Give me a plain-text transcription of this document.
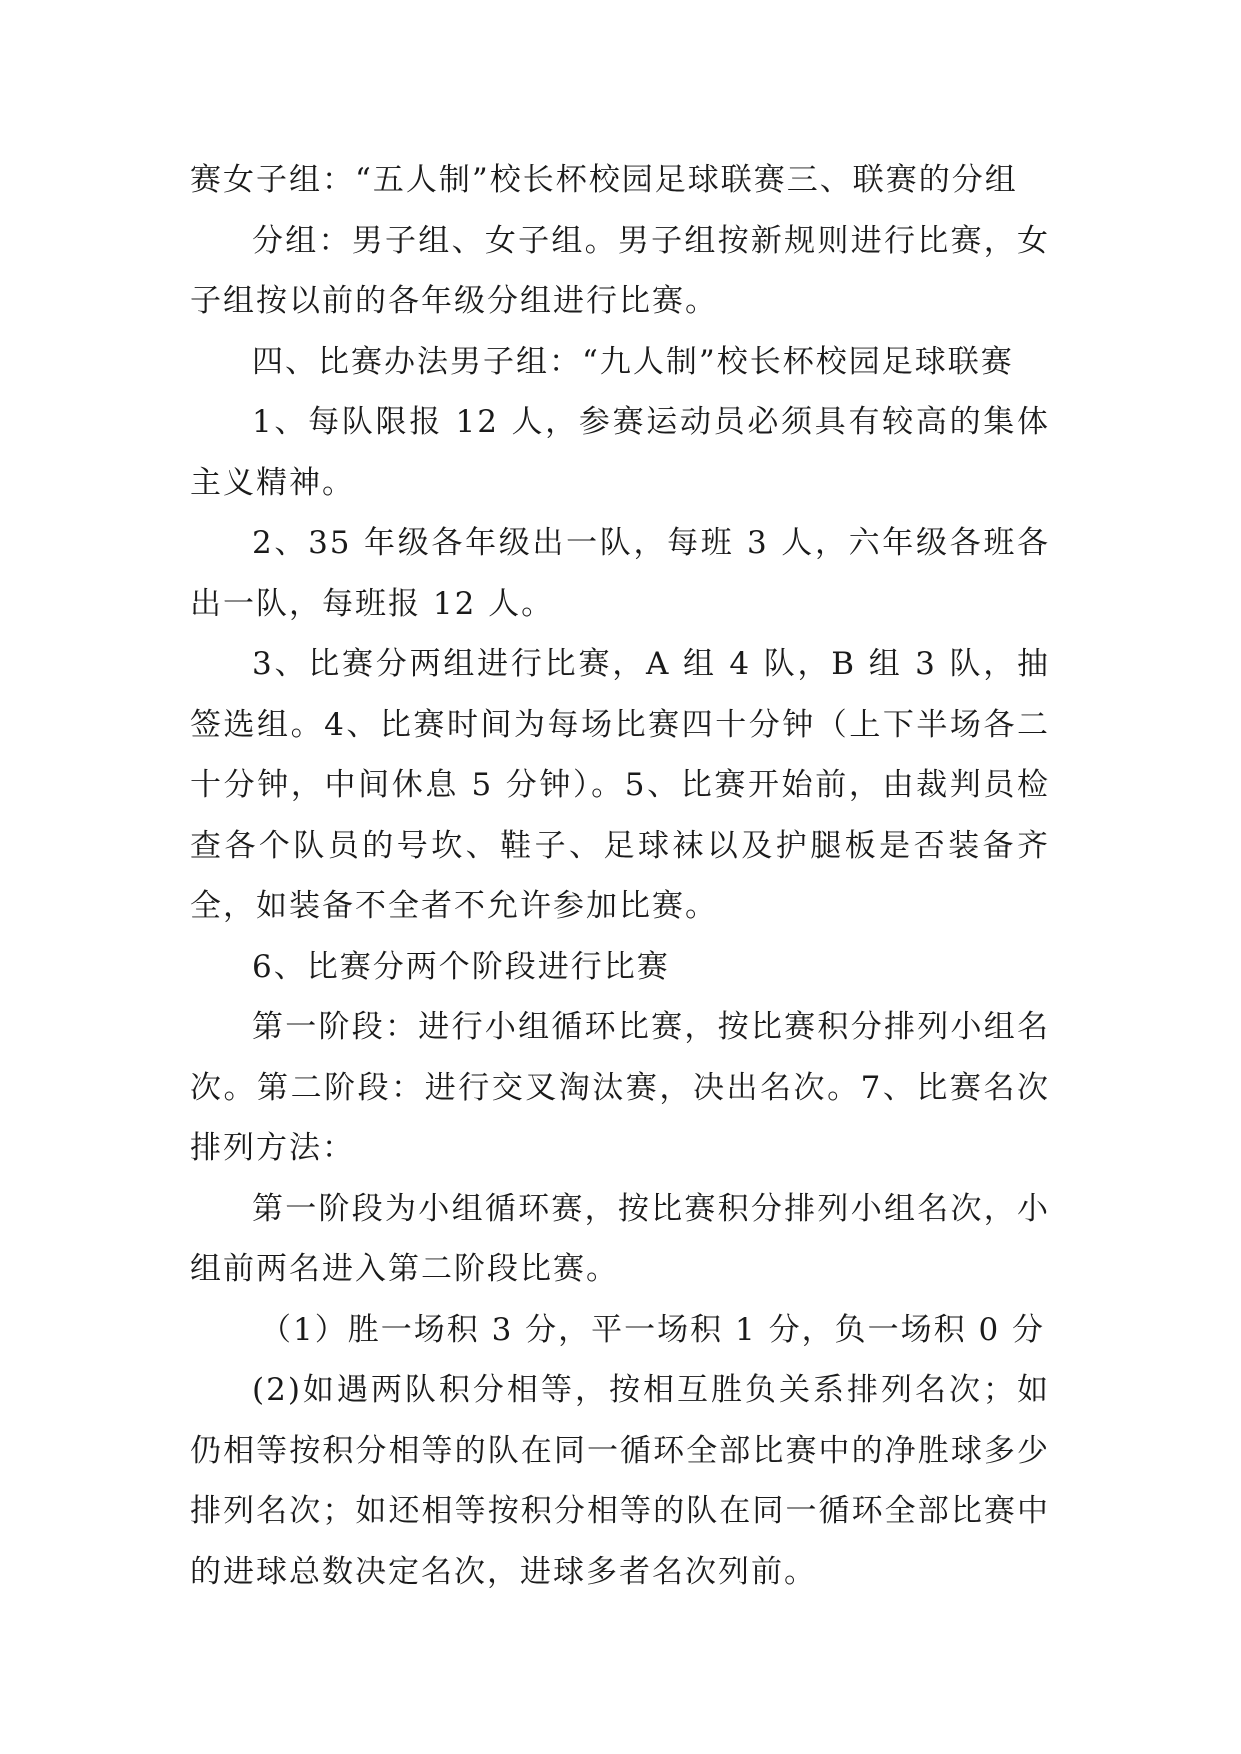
赛女子组：“五人制”校长杯校园足球联赛三、联赛的分组

分组：男子组、女子组。男子组按新规则进行比赛，女子组按以前的各年级分组进行比赛。

四、比赛办法男子组：“九人制”校长杯校园足球联赛

1、每队限报 12 人，参赛运动员必须具有较高的集体主义精神。

2、35 年级各年级出一队，每班 3 人，六年级各班各出一队，每班报 12 人。

3、比赛分两组进行比赛，A 组 4 队，B 组 3 队，抽签选组。4、比赛时间为每场比赛四十分钟（上下半场各二十分钟，中间休息 5 分钟）。5、比赛开始前，由裁判员检查各个队员的号坎、鞋子、足球袜以及护腿板是否装备齐全，如装备不全者不允许参加比赛。

6、比赛分两个阶段进行比赛

第一阶段：进行小组循环比赛，按比赛积分排列小组名次。第二阶段：进行交叉淘汰赛，决出名次。7、比赛名次排列方法：

第一阶段为小组循环赛，按比赛积分排列小组名次，小组前两名进入第二阶段比赛。

（1）胜一场积 3 分，平一场积 1 分，负一场积 0 分

(2)如遇两队积分相等，按相互胜负关系排列名次；如仍相等按积分相等的队在同一循环全部比赛中的净胜球多少排列名次；如还相等按积分相等的队在同一循环全部比赛中的进球总数决定名次，进球多者名次列前。
